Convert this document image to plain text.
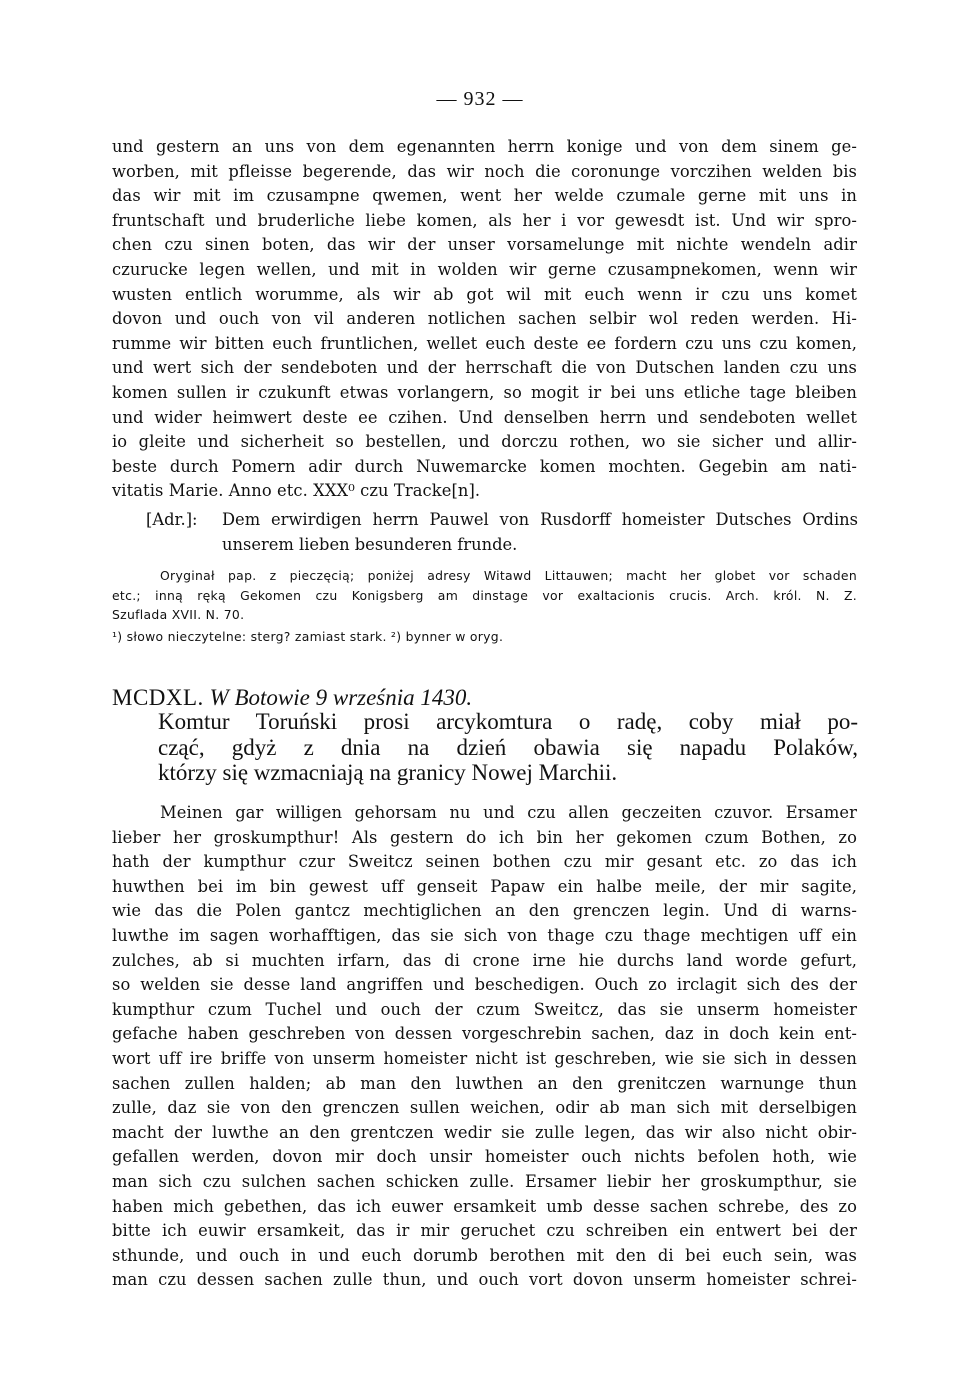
— 932 —
und gestern an uns von dem egenannten herrn konige und von dem sinem ge-
worben, mit pfleisse begerende, das wir noch die coronunge vorczihen welden bis
das wir mit im czusampne qwemen, went her welde czumale gerne mit uns in
fruntschaft und bruderliche liebe komen, als her i vor gewesdt ist. Und wir spro-
chen czu sinen boten, das wir der unser vorsamelunge mit nichte wendeln adir
czurucke legen wellen, und mit in wolden wir gerne czusampnekomen, wenn wir
wusten entlich worumme, als wir ab got wil mit euch wenn ir czu uns komet
dovon und ouch von vil anderen notlichen sachen selbir wol reden werden. Hi-
rumme wir bitten euch fruntlichen, wellet euch deste ee fordern czu uns czu komen,
und wert sich der sendeboten und der herrschaft die von Dutschen landen czu uns
komen sullen ir czukunft etwas vorlangern, so mogit ir bei uns etliche tage bleiben
und wider heimwert deste ee czihen. Und denselben herrn und sendeboten wellet
io gleite und sicherheit so bestellen, und dorczu rothen, wo sie sicher und allir-
beste durch Pomern adir durch Nuwemarcke komen mochten. Gegebin am nati-
vitatis Marie. Anno etc. XXX⁰ czu Tracke[n].
[Adr.]: Dem erwirdigen herrn Pauwel von Rusdorff homeister Dutsches Ordins
unserem lieben besunderen frunde.
Oryginał pap. z pieczęcią; poniżej adresy Witawd Littauwen; macht her globet vor schaden
etc.; inną ręką Gekomen czu Konigsberg am dinstage vor exaltacionis crucis. Arch. król. N. Z.
Szuflada XVII. N. 70.
¹) słowo nieczytelne: sterg? zamiast stark. ²) bynner w oryg.
MCDXL. W Botowie 9 września 1430.
Komtur Toruński prosi arcykomtura o radę, coby miał po-
cząć, gdyż z dnia na dzień obawia się napadu Polaków,
którzy się wzmacniają na granicy Nowej Marchii.
Meinen gar willigen gehorsam nu und czu allen geczeiten czuvor. Ersamer
lieber her groskumpthur! Als gestern do ich bin her gekomen czum Bothen, zo
hath der kumpthur czur Sweitcz seinen bothen czu mir gesant etc. zo das ich
huwthen bei im bin gewest uff genseit Papaw ein halbe meile, der mir sagite,
wie das die Polen gantcz mechtiglichen an den grenczen legin. Und di warns-
luwthe im sagen worhafftigen, das sie sich von thage czu thage mechtigen uff ein
zulches, ab si muchten irfarn, das di crone irne hie durchs land worde gefurt,
so welden sie desse land angriffen und beschedigen. Ouch zo irclagit sich des der
kumpthur czum Tuchel und ouch der czum Sweitcz, das sie unserm homeister
gefache haben geschreben von dessen vorgeschrebin sachen, daz in doch kein ent-
wort uff ire briffe von unserm homeister nicht ist geschreben, wie sie sich in dessen
sachen zullen halden; ab man den luwthen an den grenitczen warnunge thun
zulle, daz sie von den grenczen sullen weichen, odir ab man sich mit derselbigen
macht der luwthe an den grentczen wedir sie zulle legen, das wir also nicht obir-
gefallen werden, dovon mir doch unsir homeister ouch nichts befolen hoth, wie
man sich czu sulchen sachen schicken zulle. Ersamer liebir her groskumpthur, sie
haben mich gebethen, das ich euwer ersamkeit umb desse sachen schrebe, des zo
bitte ich euwir ersamkeit, das ir mir geruchet czu schreiben ein entwert bei der
sthunde, und ouch in und euch dorumb berothen mit den di bei euch sein, was
man czu dessen sachen zulle thun, und ouch vort dovon unserm homeister schrei-
